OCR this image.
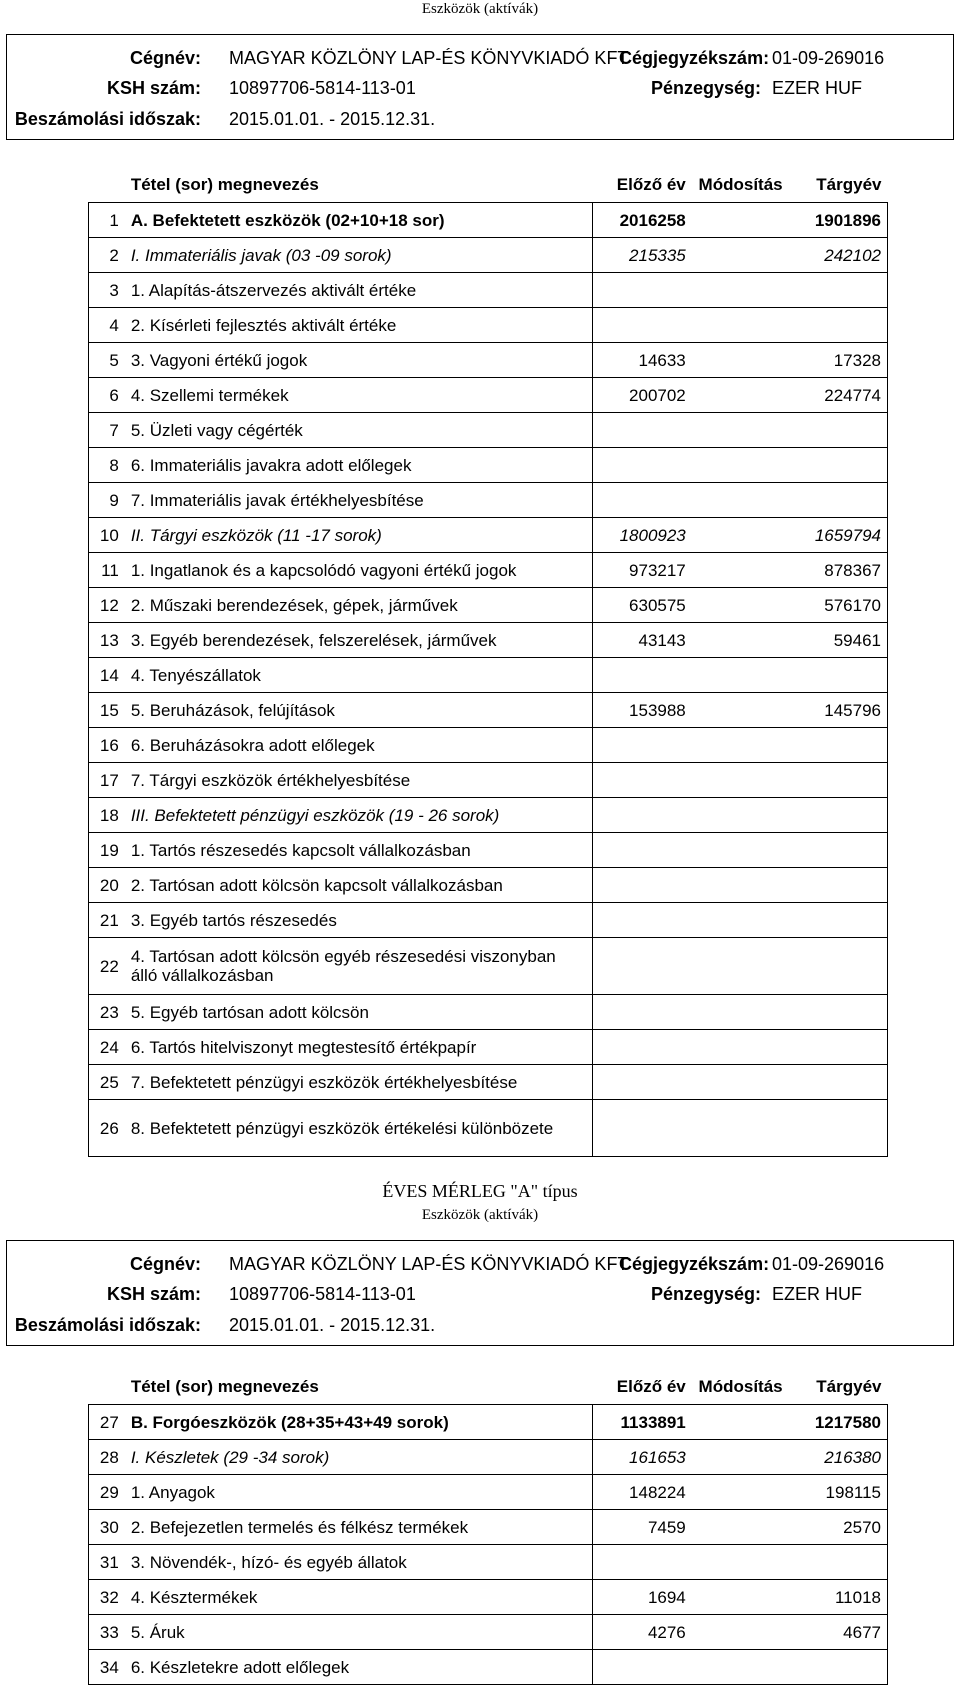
Eszközök (aktívák)
Cégnév: MAGYAR KÖZLÖNY LAP-ÉS KÖNYVKIADÓ KFT
Cégjegyzékszám: 01-09-269016
KSH szám: 10897706-5814-113-01	Pénzegység: EZER HUF
Beszámolási időszak: 2015.01.01. - 2015.12.31.
	Tétel (sor) megnevezés	Előző év	Módosítás	Tárgyév
1	A. Befektetett eszközök (02+10+18 sor)	2016258		1901896
2	I. Immateriális javak (03 -09 sorok)	215335		242102
3	1. Alapítás-átszervezés aktivált értéke			
4	2. Kísérleti fejlesztés aktivált értéke			
5	3. Vagyoni értékű jogok	14633		17328
6	4. Szellemi termékek	200702		224774
7	5. Üzleti vagy cégérték			
8	6. Immateriális javakra adott előlegek			
9	7. Immateriális javak értékhelyesbítése			
10	II. Tárgyi eszközök (11 -17 sorok)	1800923		1659794
11	1. Ingatlanok és a kapcsolódó vagyoni értékű jogok	973217		878367
12	2. Műszaki berendezések, gépek, járművek	630575		576170
13	3. Egyéb berendezések, felszerelések, járművek	43143		59461
14	4. Tenyészállatok			
15	5. Beruházások, felújítások	153988		145796
16	6. Beruházásokra adott előlegek			
17	7. Tárgyi eszközök értékhelyesbítése			
18	III. Befektetett pénzügyi eszközök (19 - 26 sorok)			
19	1. Tartós részesedés kapcsolt vállalkozásban			
20	2. Tartósan adott kölcsön kapcsolt vállalkozásban			
21	3. Egyéb tartós részesedés			
22	4. Tartósan adott kölcsön egyéb részesedési viszonyban álló vállalkozásban			
23	5. Egyéb tartósan adott kölcsön			
24	6. Tartós hitelviszonyt megtestesítő értékpapír			
25	7. Befektetett pénzügyi eszközök értékhelyesbítése			
26	8. Befektetett pénzügyi eszközök értékelési különbözete			
ÉVES MÉRLEG "A" típus
Eszközök (aktívák)
Cégnév: MAGYAR KÖZLÖNY LAP-ÉS KÖNYVKIADÓ KFT
Cégjegyzékszám: 01-09-269016
KSH szám: 10897706-5814-113-01	Pénzegység: EZER HUF
Beszámolási időszak: 2015.01.01. - 2015.12.31.
	Tétel (sor) megnevezés	Előző év	Módosítás	Tárgyév
27	B. Forgóeszközök (28+35+43+49 sorok)	1133891		1217580
28	I. Készletek (29 -34 sorok)	161653		216380
29	1. Anyagok	148224		198115
30	2. Befejezetlen termelés és félkész termékek	7459		2570
31	3. Növendék-, hízó- és egyéb állatok			
32	4. Késztermékek	1694		11018
33	5. Áruk	4276		4677
34	6. Készletekre adott előlegek			
